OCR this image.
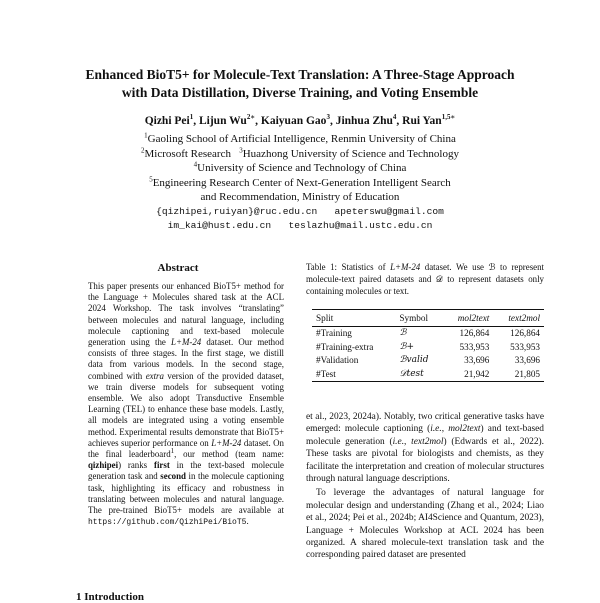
Enhanced BioT5+ for Molecule-Text Translation: A Three-Stage Approach
with Data Distillation, Diverse Training, and Voting Ensemble
Qizhi Pei$^1$, Lijun $Wu^{2∗}$, Kaiyuan Gao$^3$, Jinhua Zhu$^4$, Rui Yan$^{1,5∗}$
$^1$Gaoling School of Artificial Intelligence, Renmin University of China
$^2$Microsoft Research $^3$Huazhong University of Science and Technology
$^4$University of Science and Technology of China
$^5$Engineering Research Center of Next-Generation Intelligent Search
and Recommendation, Ministry of Education
{qizhipei,ruiyan}@ruc.edu.cn apeterswu@gmail.com
im_kai@hust.edu.cn teslazhu@mail.ustc.edu.cn
Abstract
This paper presents our enhanced BioT5+ method for the Language + Molecules shared task at the ACL 2024 Workshop. The task involves “translating” between molecules and natural language, including molecule captioning and text-based molecule generation using the L+M-24 dataset. Our method consists of three stages. In the first stage, we distill data from various models. In the second stage, combined with extra version of the provided dataset, we train diverse models for subsequent voting ensemble. We also adopt Transductive Ensemble Learning (TEL) to enhance these base models. Lastly, all models are integrated using a voting ensemble method. Experimental results demonstrate that BioT5+ achieves superior performance on L+M-24 dataset. On the final leaderboard$^1$, our method (team name: qizhipei) ranks first in the text-based molecule generation task and second in the molecule captioning task, highlighting its efficacy and robustness in translating between molecules and natural language. The pre-trained BioT5+ models are available at https://github.com/QizhiPei/BioT5.
1 Introduction
Table 1: Statistics of L+M-24 dataset. We use ℬ to represent molecule-text paired datasets and 𝒟 to represent datasets only containing molecules or text.
Split	Symbol	mol2text	text2mol
#Training	ℬ	126,864	126,864
#Training-extra	ℬ+	533,953	533,953
#Validation	ℬvalid	33,696	33,696
#Test	𝒟test	21,942	21,805

et al., 2023, 2024a). Notably, two critical generative tasks have emerged: molecule captioning (i.e., mol2text) and text-based molecule generation (i.e., text2mol) (Edwards et al., 2022). These tasks are pivotal for biologists and chemists, as they facilitate the interpretation and creation of molecular structures through natural language descriptions.

To leverage the advantages of natural language for molecular design and understanding (Zhang et al., 2024; Liao et al., 2024; Pei et al., 2024b; AI4Science and Quantum, 2023), Language + Molecules Workshop at ACL 2024 has been organized. A shared molecule-text translation task and the corresponding paired dataset are presented
